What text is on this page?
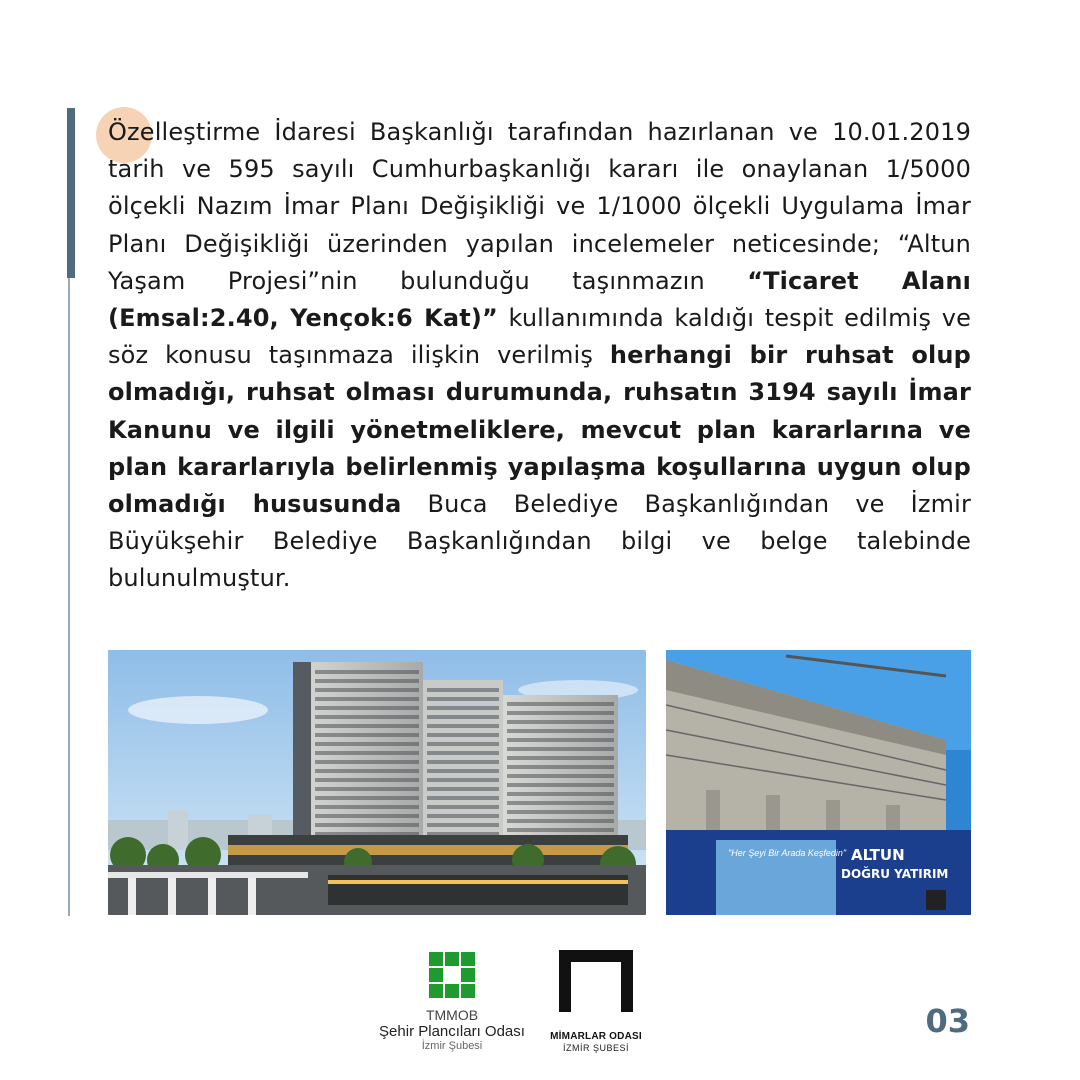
Özelleştirme İdaresi Başkanlığı tarafından hazırlanan ve 10.01.2019 tarih ve 595 sayılı Cumhurbaşkanlığı kararı ile onaylanan 1/5000 ölçekli Nazım İmar Planı Değişikliği ve 1/1000 ölçekli Uygulama İmar Planı Değişikliği üzerinden yapılan incelemeler neticesinde; “Altun Yaşam Projesi”nin bulunduğu taşınmazın “Ticaret Alanı (Emsal:2.40, Yençok:6 Kat)” kullanımında kaldığı tespit edilmiş ve söz konusu taşınmaza ilişkin verilmiş herhangi bir ruhsat olup olmadığı, ruhsat olması durumunda, ruhsatın 3194 sayılı İmar Kanunu ve ilgili yönetmeliklere, mevcut plan kararlarına ve plan kararlarıyla belirlenmiş yapılaşma koşullarına uygun olup olmadığı hususunda Buca Belediye Başkanlığından ve İzmir Büyükşehir Belediye Başkanlığından bilgi ve belge talebinde bulunulmuştur.

"Her Şeyi Bir Arada Keşfedin" ALTUN
DOĞRU YATIRIM
TMMOB
Şehir Plancıları Odası
İzmir Şubesi
MİMARLAR ODASI
İZMİR ŞUBESİ
03
